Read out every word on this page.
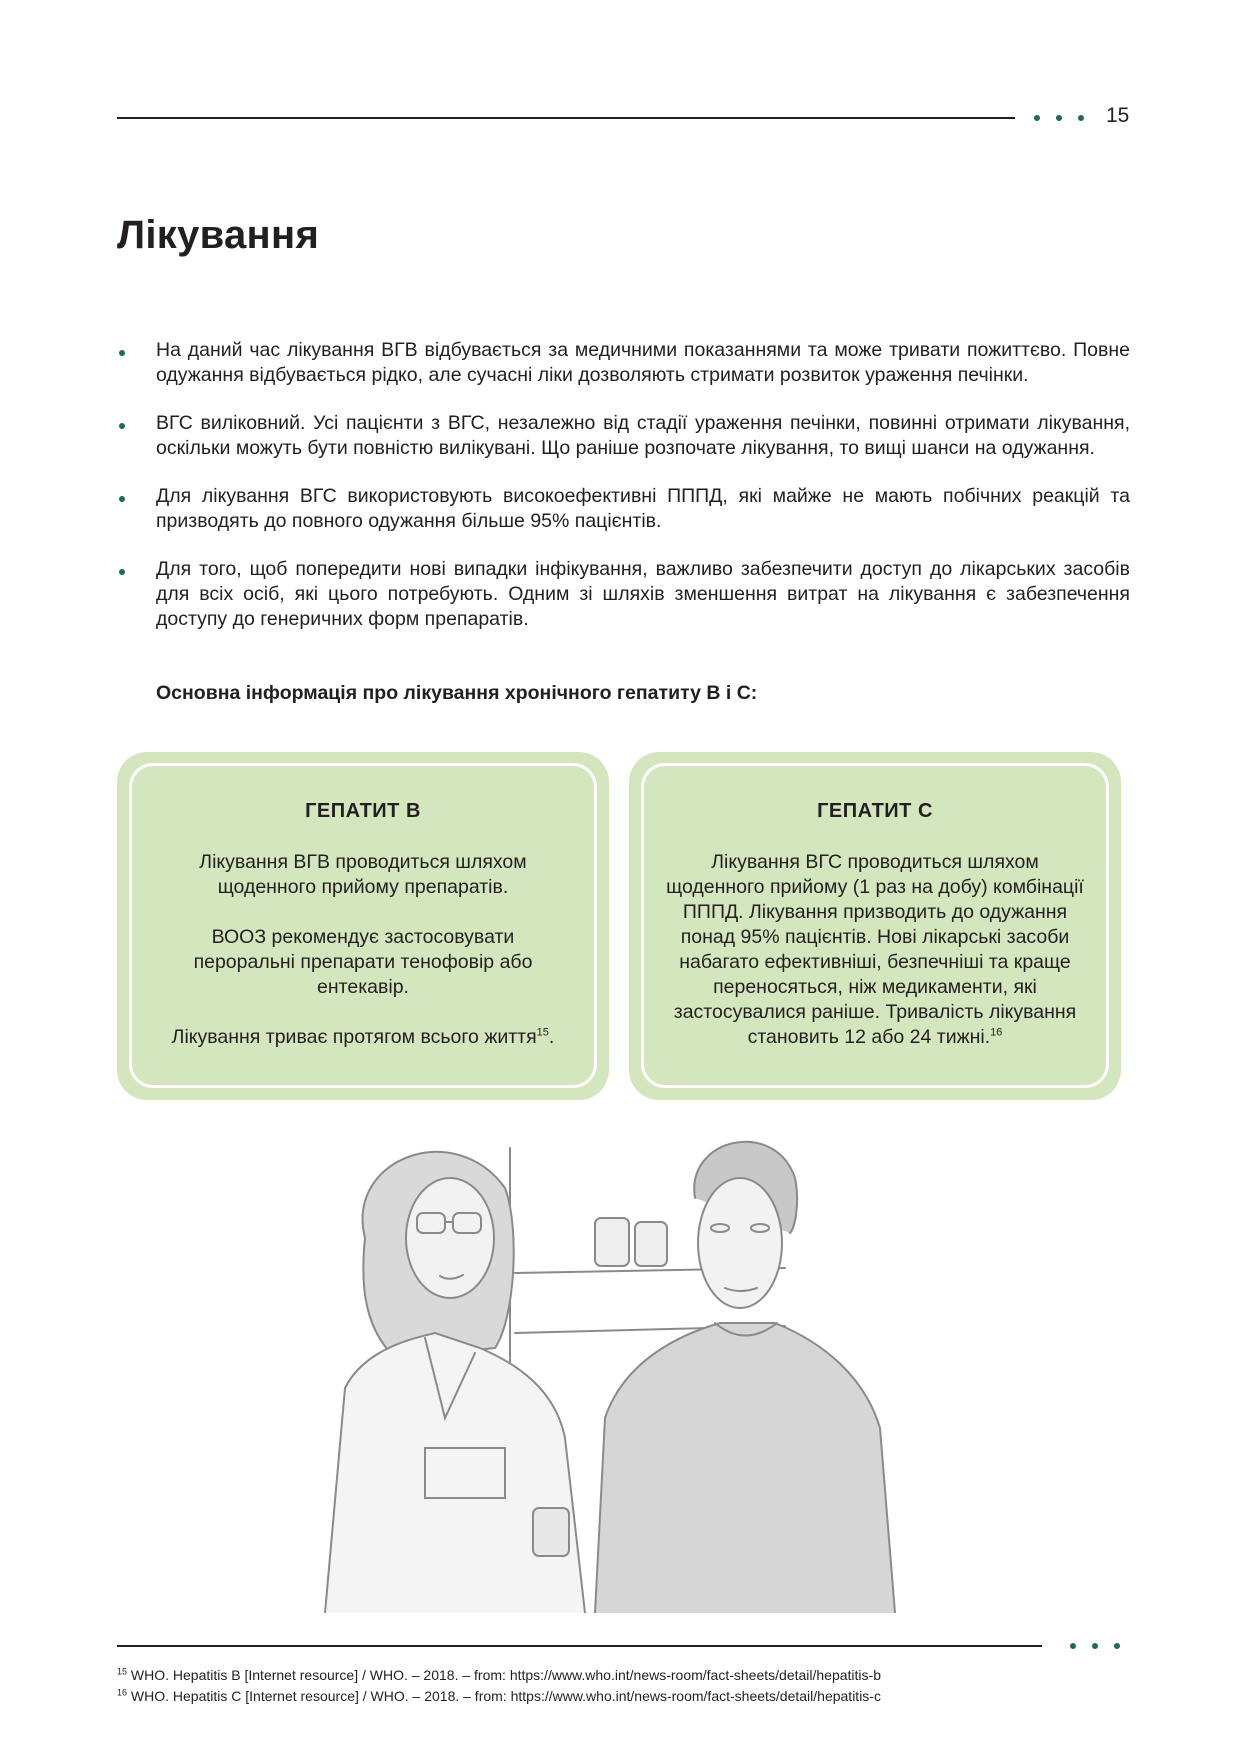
15
Лікування
На даний час лікування ВГВ відбувається за медичними показаннями та може тривати пожиттєво. Повне одужання відбувається рідко, але сучасні ліки дозволяють стримати розвиток ураження печінки.
ВГС виліковний. Усі пацієнти з ВГС, незалежно від стадії ураження печінки, повинні отримати лікування, оскільки можуть бути повністю вилікувані. Що раніше розпочате лікування, то вищі шанси на одужання.
Для лікування ВГС використовують високоефективні ПППД, які майже не мають побічних реакцій та призводять до повного одужання більше 95% пацієнтів.
Для того, щоб попередити нові випадки інфікування, важливо забезпечити доступ до лікарських засобів для всіх осіб, які цього потребують. Одним зі шляхів зменшення витрат на лікування є забезпечення доступу до генеричних форм препаратів.

Основна інформація про лікування хронічного гепатиту В і С:

ГЕПАТИТ В

Лікування ВГВ проводиться шляхом щоденного прийому препаратів.

ВООЗ рекомендує застосовувати пероральні препарати тенофовір або ентекавір.

Лікування триває протягом всього життя$^{15}$.

ГЕПАТИТ С

Лікування ВГС проводиться шляхом щоденного прийому (1 раз на добу) комбінації ПППД. Лікування призводить до одужання понад 95% пацієнтів. Нові лікарські засоби набагато ефективніші, безпечніші та краще переносяться, ніж медикаменти, які застосувалися раніше. Тривалість лікування становить 12 або 24 тижні.$^{16}$

$^{15}$ WHO. Hepatitis B [Internet resource] / WHO. – 2018. – from: https://www.who.int/news-room/fact-sheets/detail/hepatitis-b
$^{16}$ WHO. Hepatitis C [Internet resource] / WHO. – 2018. – from: https://www.who.int/news-room/fact-sheets/detail/hepatitis-c
